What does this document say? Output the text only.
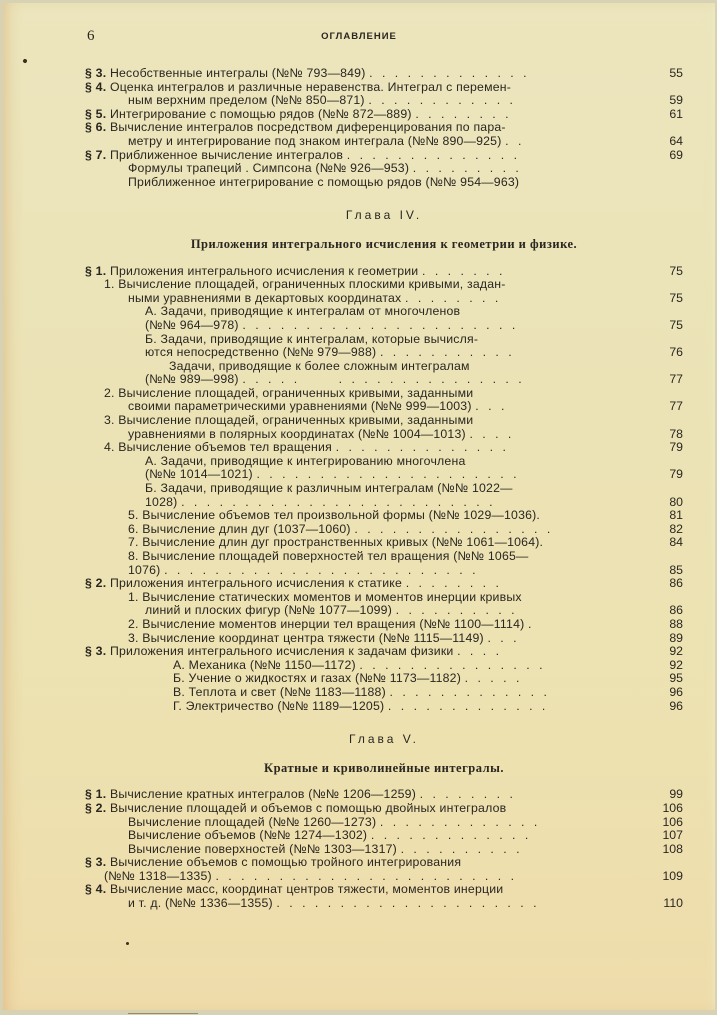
6	ОГЛАВЛЕНИЕ
§ 3. Несобственные интегралы (№№ 793—849) . . . . . . . . . . . . .	55
§ 4. Оценка интегралов и различные неравенства. Интеграл с перемен-
ным верхним пределом (№№ 850—871) . . . . . . . . . . . .	59
§ 5. Интегрирование с помощью рядов (№№ 872—889) . . . . . . . .	61
§ 6. Вычисление интегралов посредством диференцирования по пара-
метру и интегрирование под знаком интеграла (№№ 890—925) . .	64
§ 7. Приближенное вычисление интегралов . . . . . . . . . . . . . .	69
Формулы трапеций . Симпсона (№№ 926—953) . . . . . . . . .
Приближенное интегрирование с помощью рядов (№№ 954—963)
Глава IV.
Приложения интегрального исчисления к геометрии и физике.
§ 1. Приложения интегрального исчисления к геометрии . . . . . . .	75
1. Вычисление площадей, ограниченных плоскими кривыми, задан-
ными уравнениями в декартовых координатах . . . . . . . .	75
А. Задачи, приводящие к интегралам от многочленов
(№№ 964—978) . . . . . . . . . . . . . . . . . . . . . .	75
Б. Задачи, приводящие к интегралам, которые вычисля-
ются непосредственно (№№ 979—988) . . . . . . . . . . .	76
Задачи, приводящие к более сложным интегралам
(№№ 989—998) . . . . .      . . . . . . . . . . . . . . .	77
2. Вычисление площадей, ограниченных кривыми, заданными
своими параметрическими уравнениями (№№ 999—1003) . . .	77
3. Вычисление площадей, ограниченных кривыми, заданными
уравнениями в полярных координатах (№№ 1004—1013) . . . .	78
4. Вычисление объемов тел вращения . . . . . . . . . . . . . .	79
А. Задачи, приводящие к интегрированию многочлена
(№№ 1014—1021) . . . . . . . . . . . . . . . . . . . . .	79
Б. Задачи, приводящие к различным интегралам (№№ 1022—
1028) . . . . . . . . . . . . . . . . . . . . . . . . .	80
5. Вычисление объемов тел произвольной формы (№№ 1029—1036).	81
6. Вычисление длин дуг (1037—1060) . . . . . . . . . . . . . . . .	82
7. Вычисление длин дуг пространственных кривых (№№ 1061—1064).	84
8. Вычисление площадей поверхностей тел вращения (№№ 1065—
1076) . . . . . . . . . . . . . . . . . . . . . . . . .	85
§ 2. Приложения интегрального исчисления к статике . . . . . . . .	86
1. Вычисление статических моментов и моментов инерции кривых
линий и плоских фигур (№№ 1077—1099) . . . . . . . . . .	86
2. Вычисление моментов инерции тел вращения (№№ 1100—1114) .	88
3. Вычисление координат центра тяжести (№№ 1115—1149) . . .	89
§ 3. Приложения интегрального исчисления к задачам физики . . . .	92
А. Механика (№№ 1150—1172) . . . . . . . . . . . . . . .	92
Б. Учение о жидкостях и газах (№№ 1173—1182) . . . . .	95
В. Теплота и свет (№№ 1183—1188) . . . . . . . . . . . . .	96
Г. Электричество (№№ 1189—1205) . . . . . . . . . . . . .	96
Глава V.
Кратные и криволинейные интегралы.
§ 1. Вычисление кратных интегралов (№№ 1206—1259) . . . . . . . .	99
§ 2. Вычисление площадей и объемов с помощью двойных интегралов	106
Вычисление площадей (№№ 1260—1273) . . . . . . . . . . . . .	106
Вычисление объемов (№№ 1274—1302) . . . . . . . . . . . . .	107
Вычисление поверхностей (№№ 1303—1317) . . . . . . . . . .	108
§ 3. Вычисление объемов с помощью тройного интегрирования
(№№ 1318—1335) . . . . . . . . . . . . . . . . . . . . . . . .	109
§ 4. Вычисление масс, координат центров тяжести, моментов инерции
и т. д. (№№ 1336—1355) . . . . . . . . . . . . . . . . . . . . .	110
